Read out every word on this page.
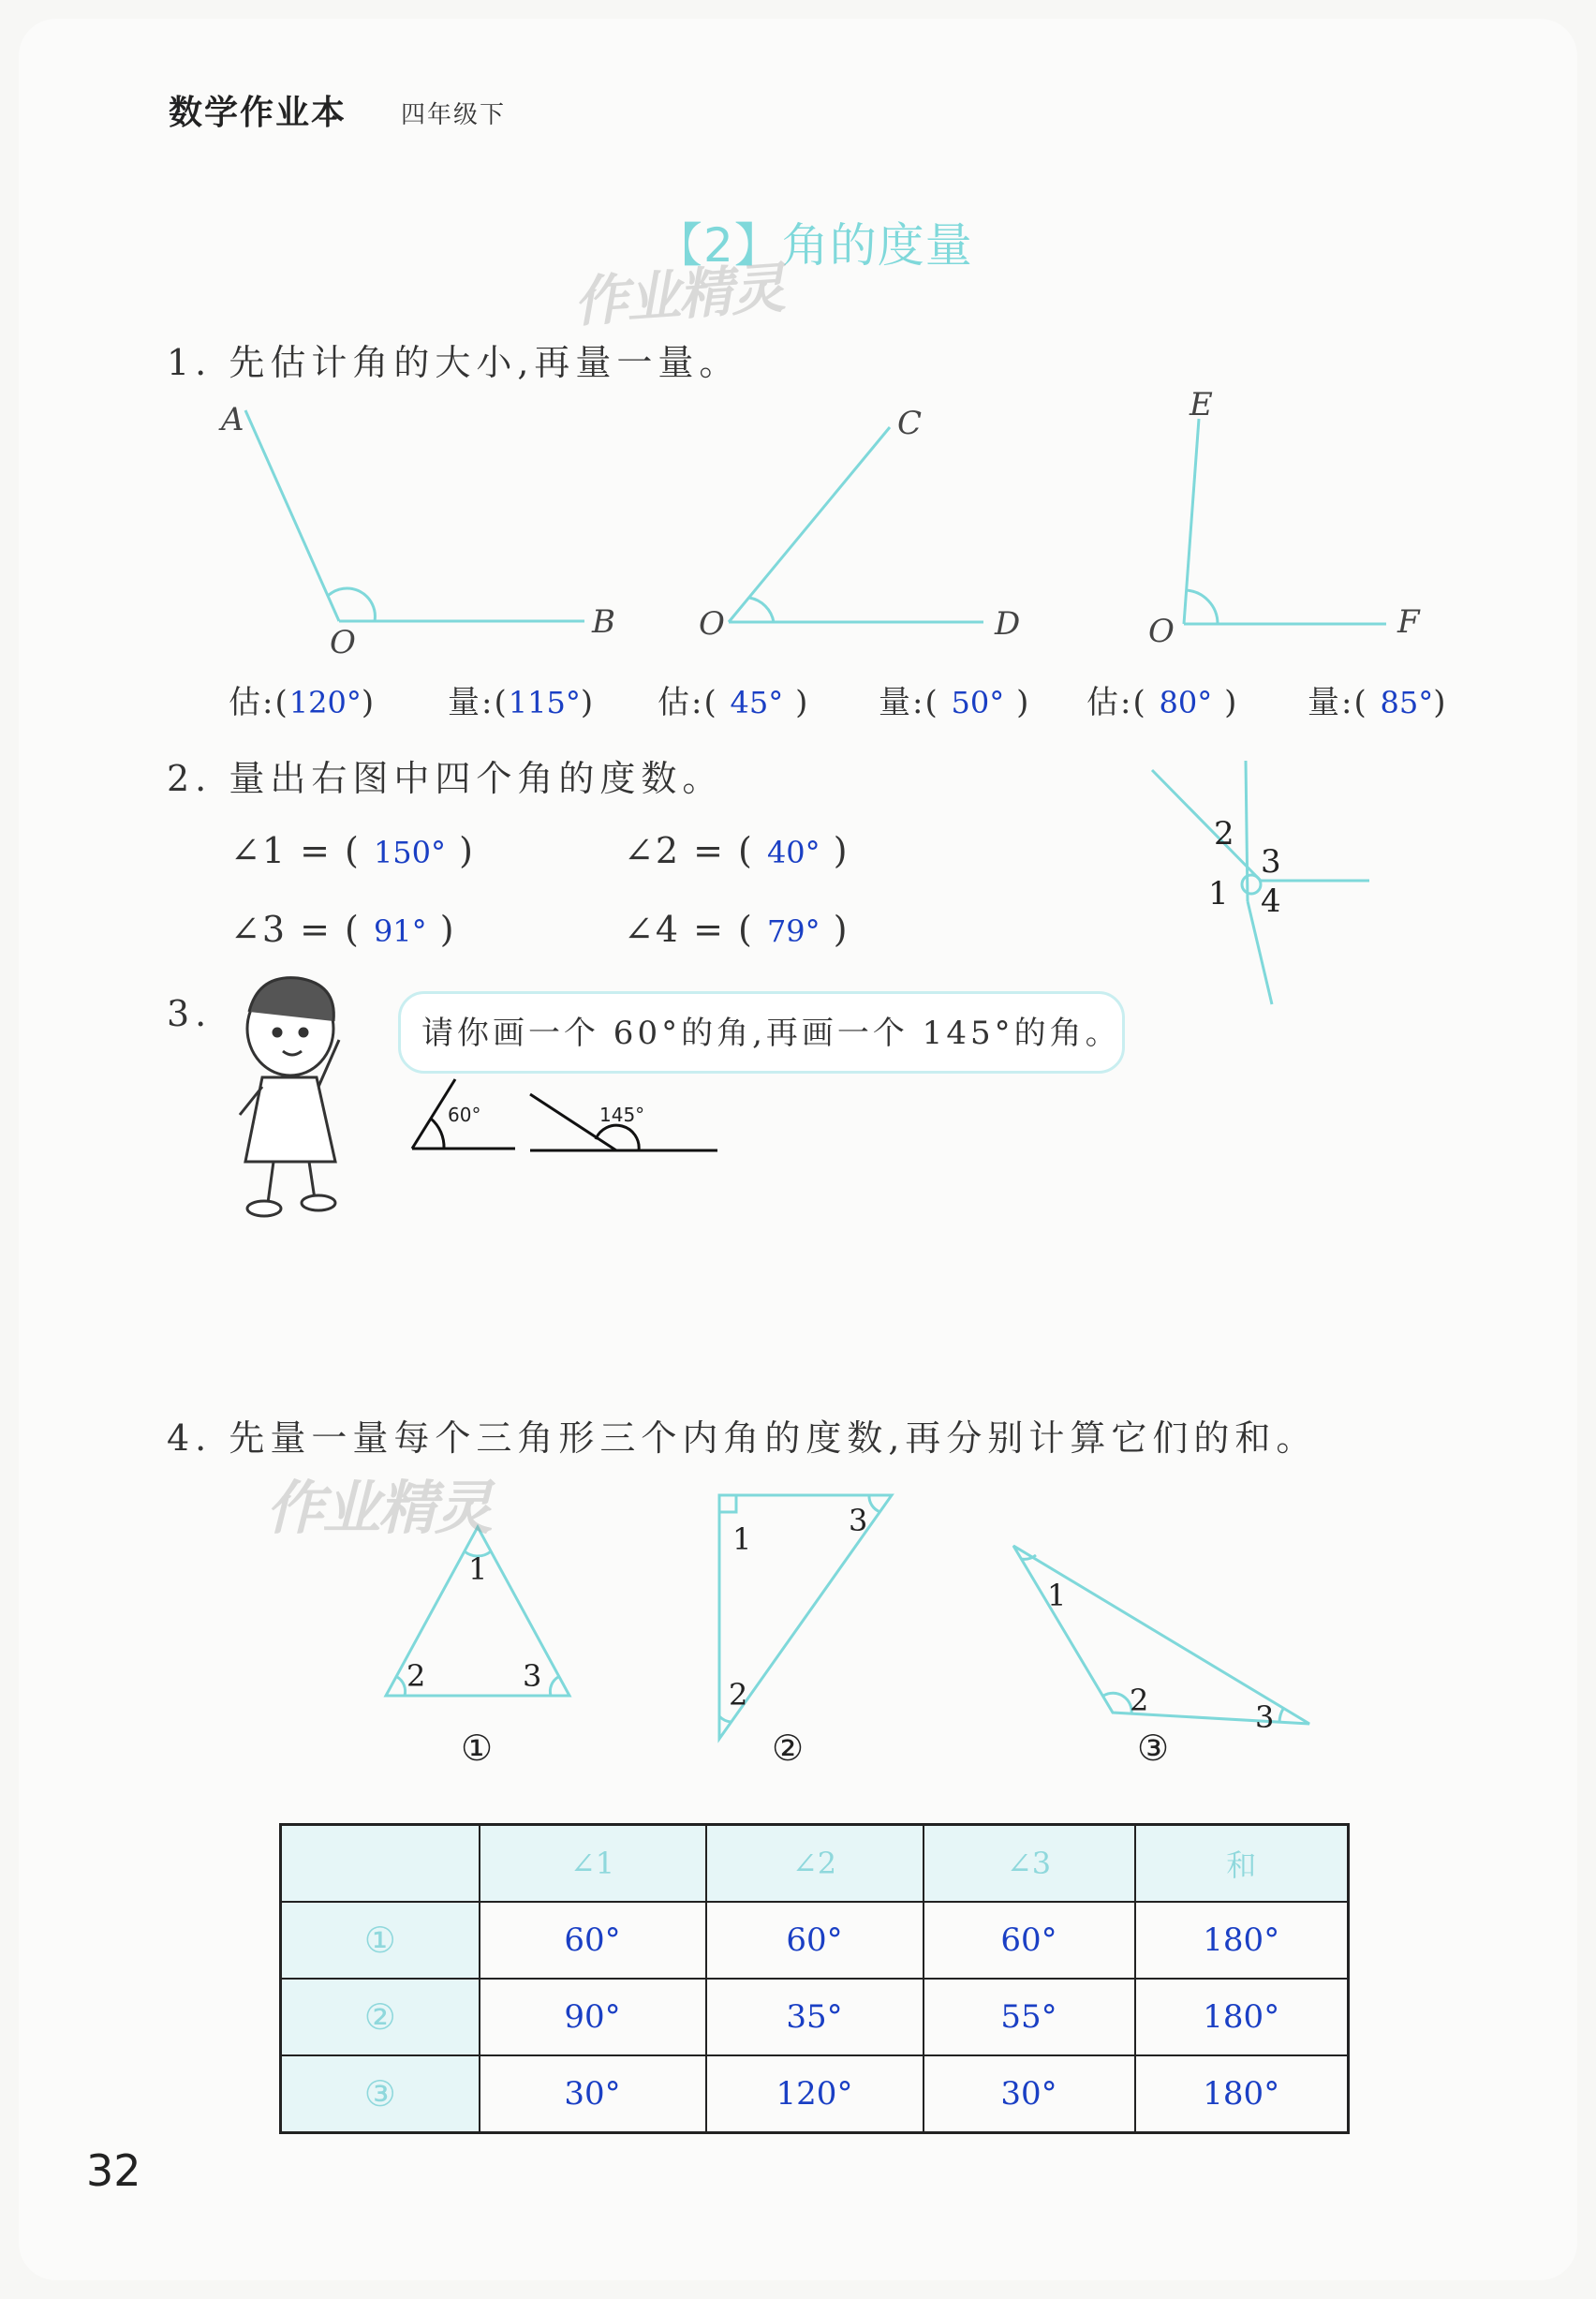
数学作业本 四年级下
【2】角的度量
作业精灵
1. 先估计角的大小,再量一量。
A
O
B
C
O	D
E
O	F
估:(120°) 量:(115°) 估:( 45° ) 量:( 50° ) 估:( 80° ) 量:( 85°)
2. 量出右图中四个角的度数。
∠1 = ( 150° )	∠2 = ( 40° )
∠3 = ( 91° )	∠4 = ( 79° )
2
3
1 4
3.	请你画一个 60°的角,再画一个 145°的角。
60°	145°
4. 先量一量每个三角形三个内角的度数,再分别计算它们的和。
作业精灵
1
2	3
①
1
2
3
②
1
2	3
③
	∠1	∠2	∠3	和
①	60°	60°	60°	180°
②	90°	35°	55°	180°
③	30°	120°	30°	180°
32
